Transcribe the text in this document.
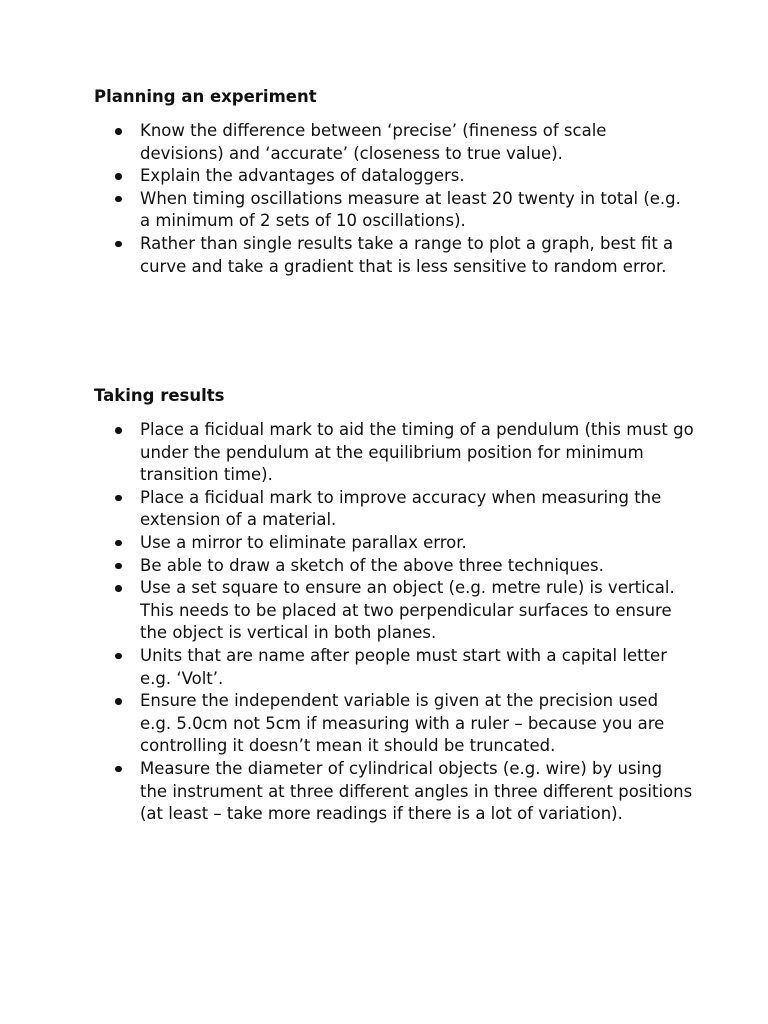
Planning an experiment
Know the difference between ‘precise’ (fineness of scale devisions) and ‘accurate’ (closeness to true value).
Explain the advantages of dataloggers.
When timing oscillations measure at least 20 twenty in total (e.g. a minimum of 2 sets of 10 oscillations).
Rather than single results take a range to plot a graph, best fit a curve and take a gradient that is less sensitive to random error.
Taking results
Place a ficidual mark to aid the timing of a pendulum (this must go under the pendulum at the equilibrium position for minimum transition time).
Place a ficidual mark to improve accuracy when measuring the extension of a material.
Use a mirror to eliminate parallax error.
Be able to draw a sketch of the above three techniques.
Use a set square to ensure an object (e.g. metre rule) is vertical. This needs to be placed at two perpendicular surfaces to ensure the object is vertical in both planes.
Units that are name after people must start with a capital letter e.g. ‘Volt’.
Ensure the independent variable is given at the precision used e.g. 5.0cm not 5cm if measuring with a ruler – because you are controlling it doesn’t mean it should be truncated.
Measure the diameter of cylindrical objects (e.g. wire) by using the instrument at three different angles in three different positions (at least – take more readings if there is a lot of variation).
